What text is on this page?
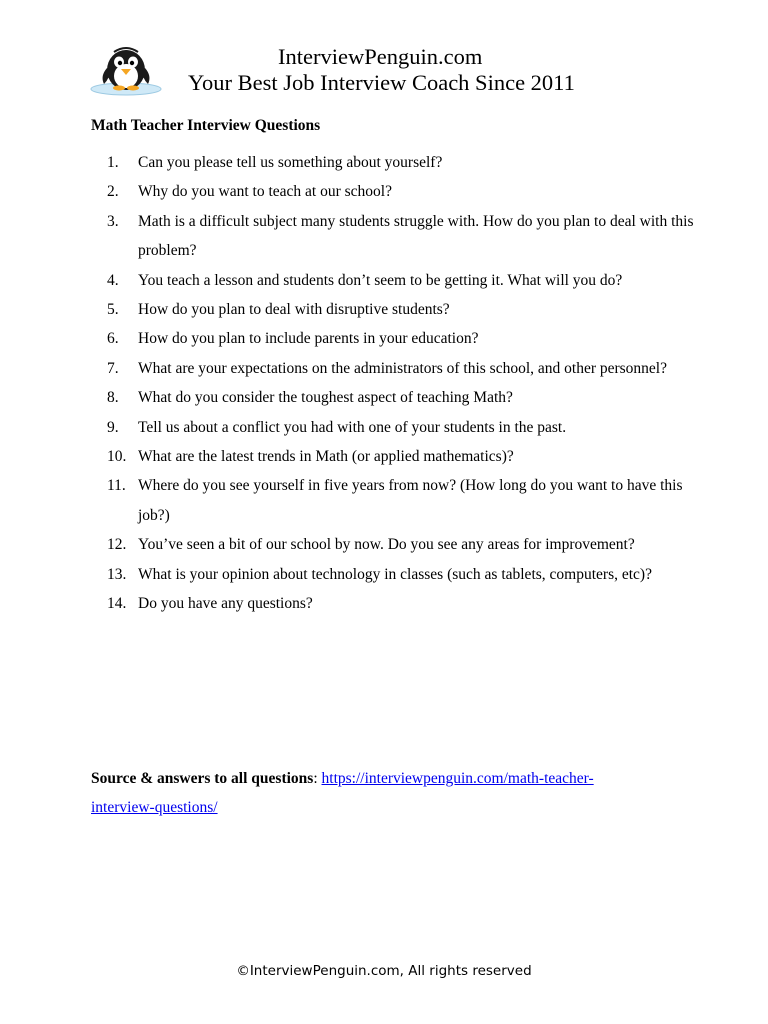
InterviewPenguin.com
Your Best Job Interview Coach Since 2011
Math Teacher Interview Questions
1.	Can you please tell us something about yourself?
2.	Why do you want to teach at our school?
3.	Math is a difficult subject many students struggle with. How do you plan to deal with this problem?
4.	You teach a lesson and students don’t seem to be getting it. What will you do?
5.	How do you plan to deal with disruptive students?
6.	How do you plan to include parents in your education?
7.	What are your expectations on the administrators of this school, and other personnel?
8.	What do you consider the toughest aspect of teaching Math?
9.	Tell us about a conflict you had with one of your students in the past.
10. What are the latest trends in Math (or applied mathematics)?
11. Where do you see yourself in five years from now? (How long do you want to have this job?)
12. You’ve seen a bit of our school by now. Do you see any areas for improvement?
13. What is your opinion about technology in classes (such as tablets, computers, etc)?
14. Do you have any questions?
Source & answers to all questions: https://interviewpenguin.com/math-teacher-interview-questions/
©InterviewPenguin.com, All rights reserved
